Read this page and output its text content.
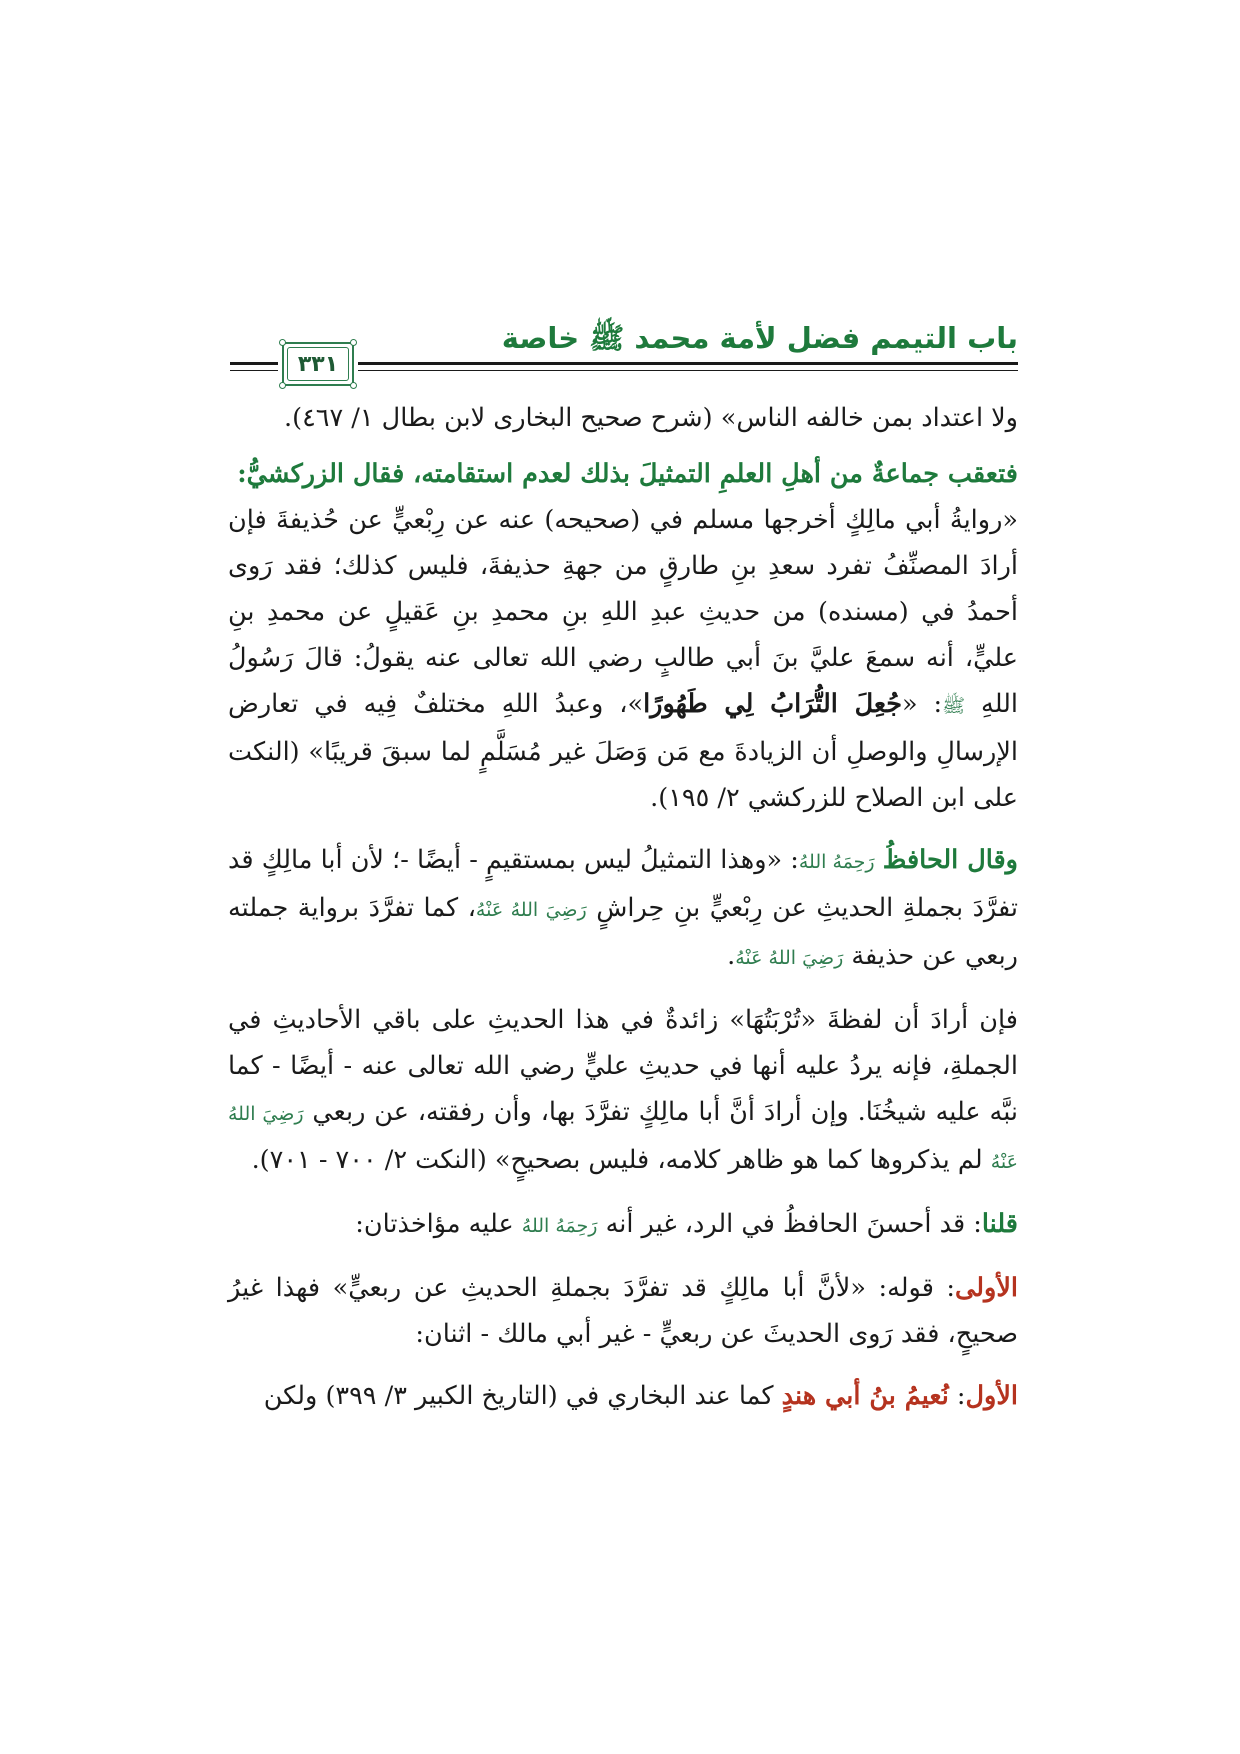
باب التيمم فضل لأمة محمد ﷺ خاصة
٣٣١

ولا اعتداد بمن خالفه الناس» (شرح صحيح البخارى لابن بطال ١/ ٤٦٧).

فتعقب جماعةٌ من أهلِ العلمِ التمثيلَ بذلك لعدم استقامته، فقال الزركشيُّ:

«روايةُ أبي مالِكٍ أخرجها مسلم في (صحيحه) عنه عن رِبْعيٍّ عن حُذيفةَ فإن أرادَ المصنِّفُ تفرد سعدِ بنِ طارقٍ من جهةِ حذيفةَ، فليس كذلك؛ فقد رَوى أحمدُ في (مسنده) من حديثِ عبدِ اللهِ بنِ محمدِ بنِ عَقيلٍ عن محمدِ بنِ عليٍّ، أنه سمعَ عليَّ بنَ أبي طالبٍ رضي الله تعالى عنه يقولُ: قالَ رَسُولُ اللهِ ﷺ: «جُعِلَ التُّرَابُ لِي طَهُورًا»، وعبدُ اللهِ مختلفٌ فِيه في تعارض الإرسالِ والوصلِ أن الزيادةَ مع مَن وَصَلَ غير مُسَلَّمٍ لما سبقَ قريبًا» (النكت على ابن الصلاح للزركشي ٢/ ١٩٥).

وقال الحافظُ رَحِمَهُ اللهُ: «وهذا التمثيلُ ليس بمستقيمٍ - أيضًا -؛ لأن أبا مالِكٍ قد تفرَّدَ بجملةِ الحديثِ عن رِبْعيٍّ بنِ حِراشٍ رَضِيَ اللهُ عَنْهُ، كما تفرَّدَ برواية جملته ربعي عن حذيفة رَضِيَ اللهُ عَنْهُ.

فإن أرادَ أن لفظةَ «تُرْبَتُهَا» زائدةٌ في هذا الحديثِ على باقي الأحاديثِ في الجملةِ، فإنه يردُ عليه أنها في حديثِ عليٍّ رضي الله تعالى عنه - أيضًا - كما نبَّه عليه شيخُنَا. وإن أرادَ أنَّ أبا مالِكٍ تفرَّدَ بها، وأن رفقته، عن ربعي رَضِيَ اللهُ عَنْهُ لم يذكروها كما هو ظاهر كلامه، فليس بصحيحٍ» (النكت ٢/ ٧٠٠ - ٧٠١).

قلنا: قد أحسنَ الحافظُ في الرد، غير أنه رَحِمَهُ اللهُ عليه مؤاخذتان:

الأولى: قوله: «لأنَّ أبا مالِكٍ قد تفرَّدَ بجملةِ الحديثِ عن ربعيٍّ» فهذا غيرُ صحيحٍ، فقد رَوى الحديثَ عن ربعيٍّ - غير أبي مالك - اثنان:

الأول: نُعيمُ بنُ أبي هندٍ كما عند البخاري في (التاريخ الكبير ٣/ ٣٩٩) ولكن
